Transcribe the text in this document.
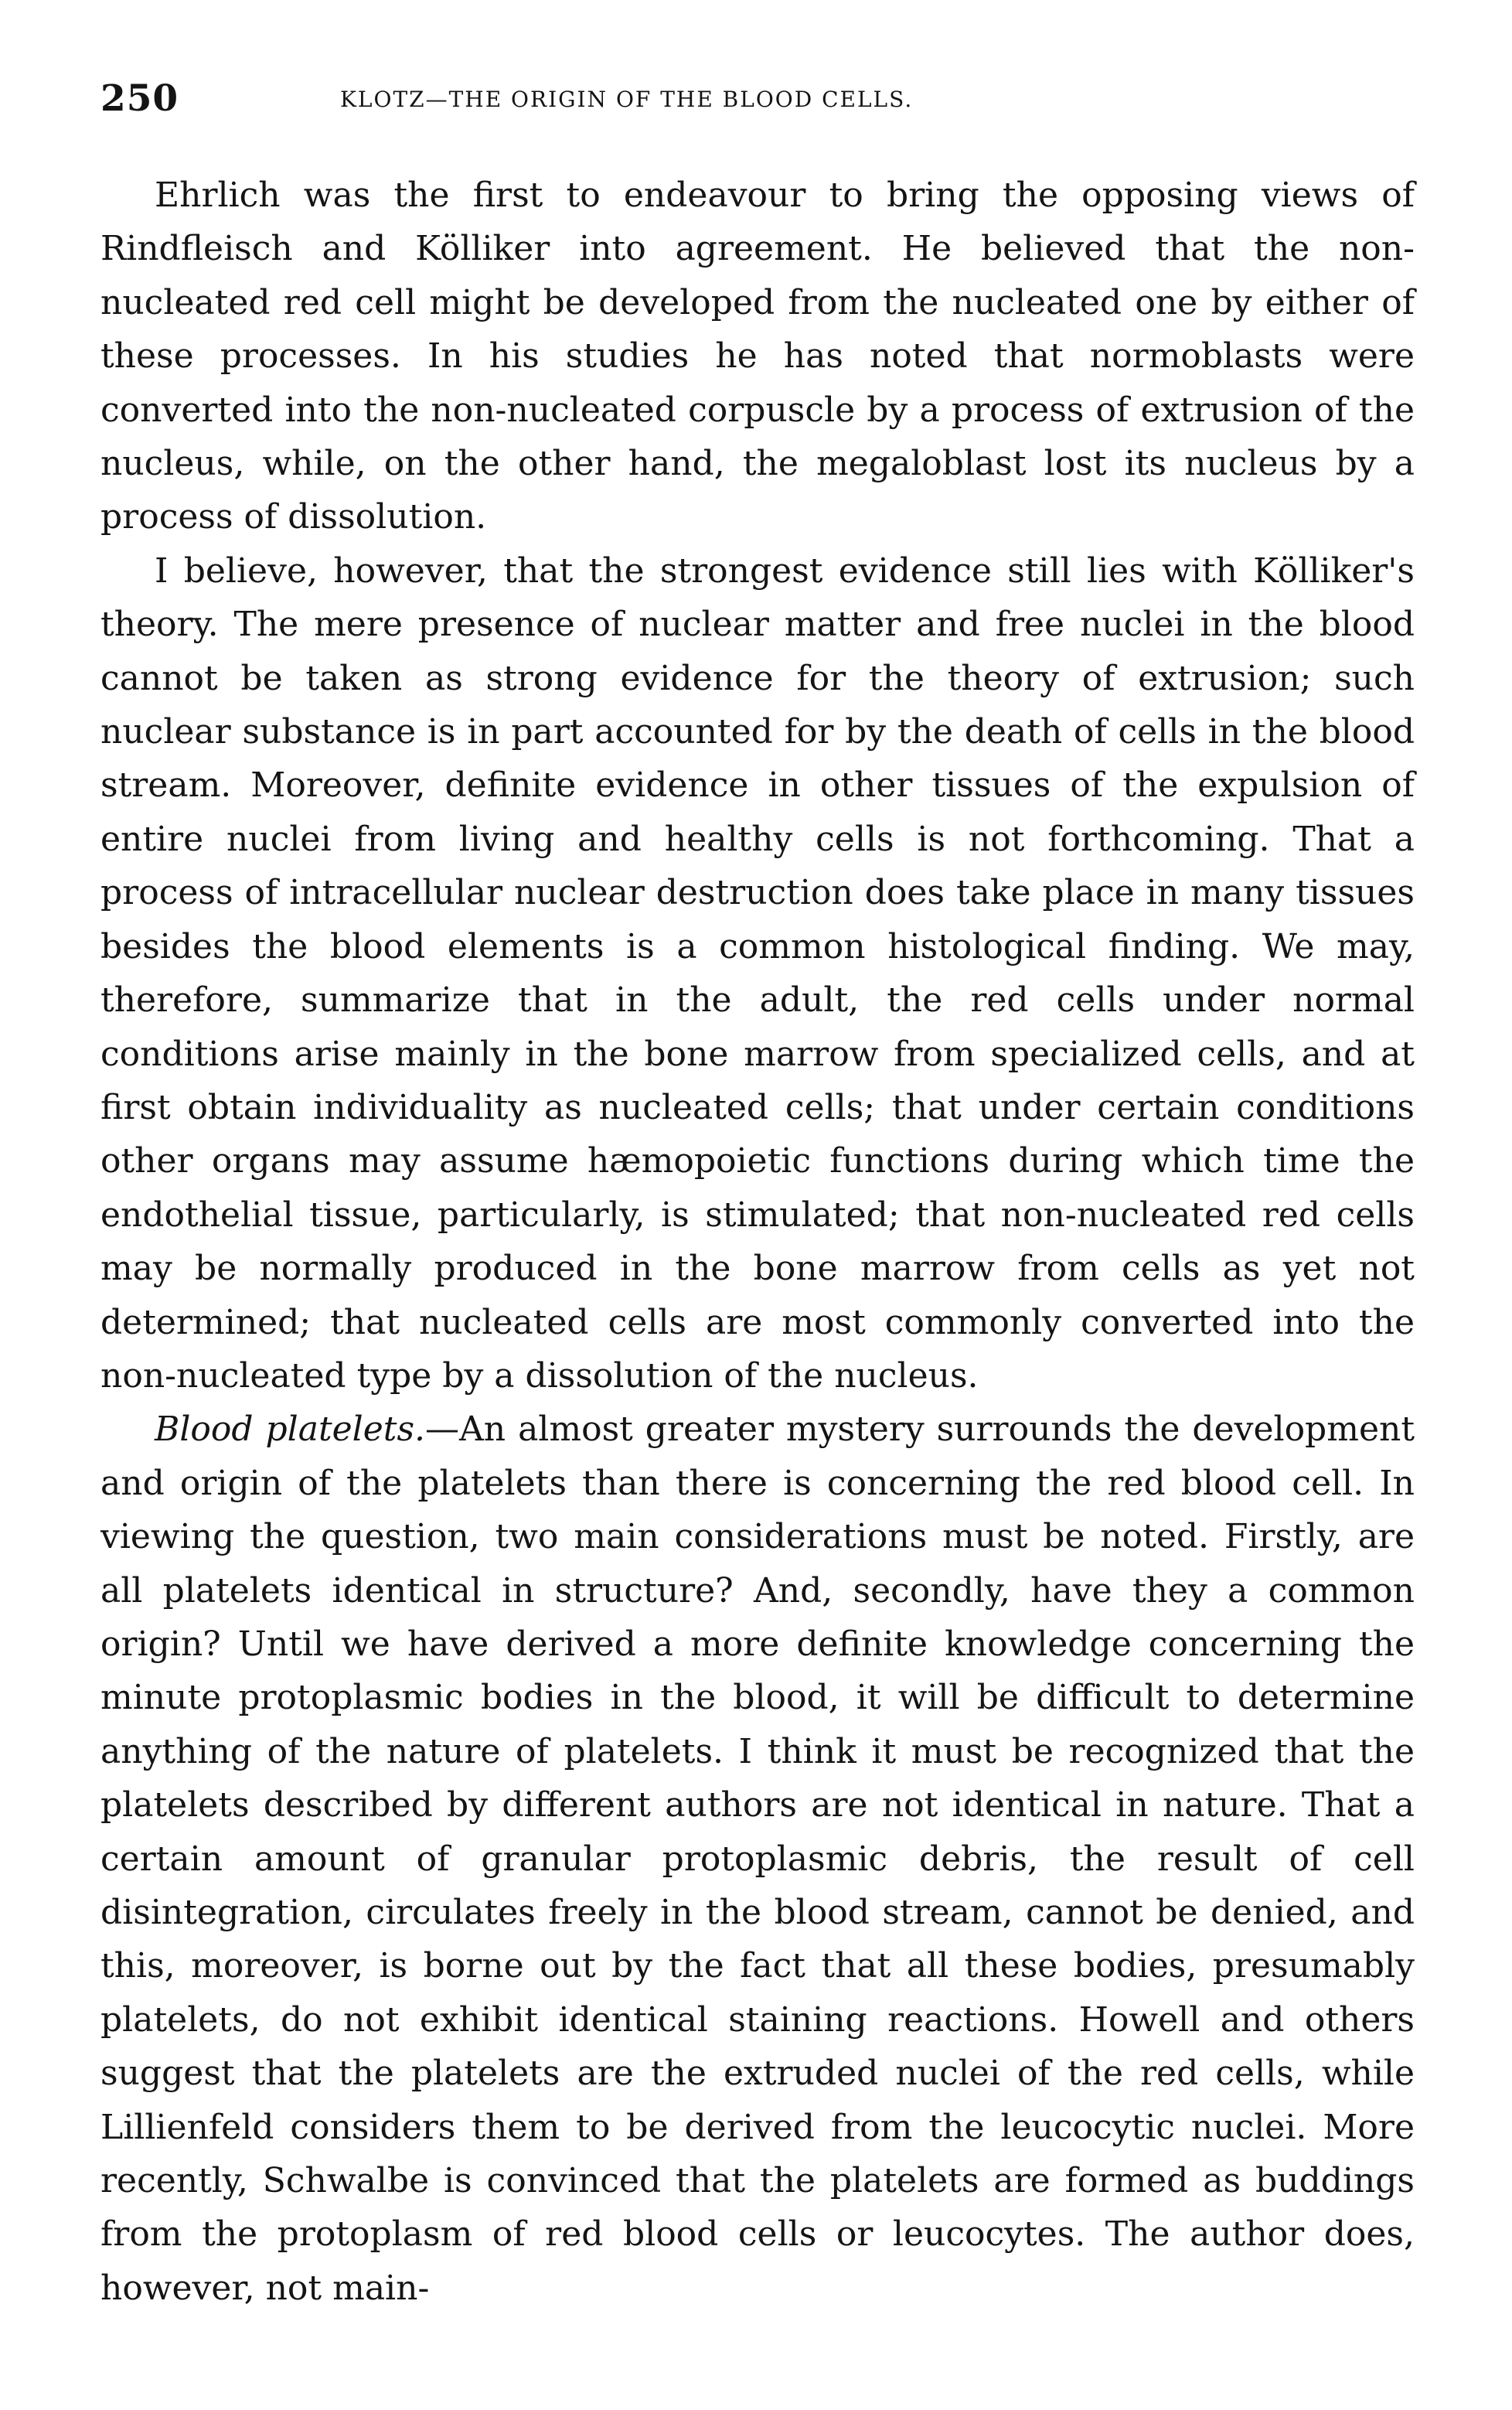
250	KLOTZ—THE ORIGIN OF THE BLOOD CELLS.

Ehrlich was the first to endeavour to bring the opposing views of Rindfleisch and Kölliker into agreement. He believed that the non-nucleated red cell might be developed from the nucleated one by either of these processes. In his studies he has noted that normoblasts were converted into the non-nucleated corpuscle by a process of extrusion of the nucleus, while, on the other hand, the megaloblast lost its nucleus by a process of dissolution.

I believe, however, that the strongest evidence still lies with Kölliker's theory. The mere presence of nuclear matter and free nuclei in the blood cannot be taken as strong evidence for the theory of extrusion; such nuclear substance is in part accounted for by the death of cells in the blood stream. Moreover, definite evidence in other tissues of the expulsion of entire nuclei from living and healthy cells is not forthcoming. That a process of intracellular nuclear destruction does take place in many tissues besides the blood elements is a common histological finding. We may, therefore, summarize that in the adult, the red cells under normal conditions arise mainly in the bone marrow from specialized cells, and at first obtain individuality as nucleated cells; that under certain conditions other organs may assume hæmopoietic functions during which time the endothelial tissue, particularly, is stimulated; that non-nucleated red cells may be normally produced in the bone marrow from cells as yet not determined; that nucleated cells are most commonly converted into the non-nucleated type by a dissolution of the nucleus.

Blood platelets.—An almost greater mystery surrounds the development and origin of the platelets than there is concerning the red blood cell. In viewing the question, two main considerations must be noted. Firstly, are all platelets identical in structure? And, secondly, have they a common origin? Until we have derived a more definite knowledge concerning the minute protoplasmic bodies in the blood, it will be difficult to determine anything of the nature of platelets. I think it must be recognized that the platelets described by different authors are not identical in nature. That a certain amount of granular protoplasmic debris, the result of cell disintegration, circulates freely in the blood stream, cannot be denied, and this, moreover, is borne out by the fact that all these bodies, presumably platelets, do not exhibit identical staining reactions. Howell and others suggest that the platelets are the extruded nuclei of the red cells, while Lillienfeld considers them to be derived from the leucocytic nuclei. More recently, Schwalbe is convinced that the platelets are formed as buddings from the protoplasm of red blood cells or leucocytes. The author does, however, not main-
